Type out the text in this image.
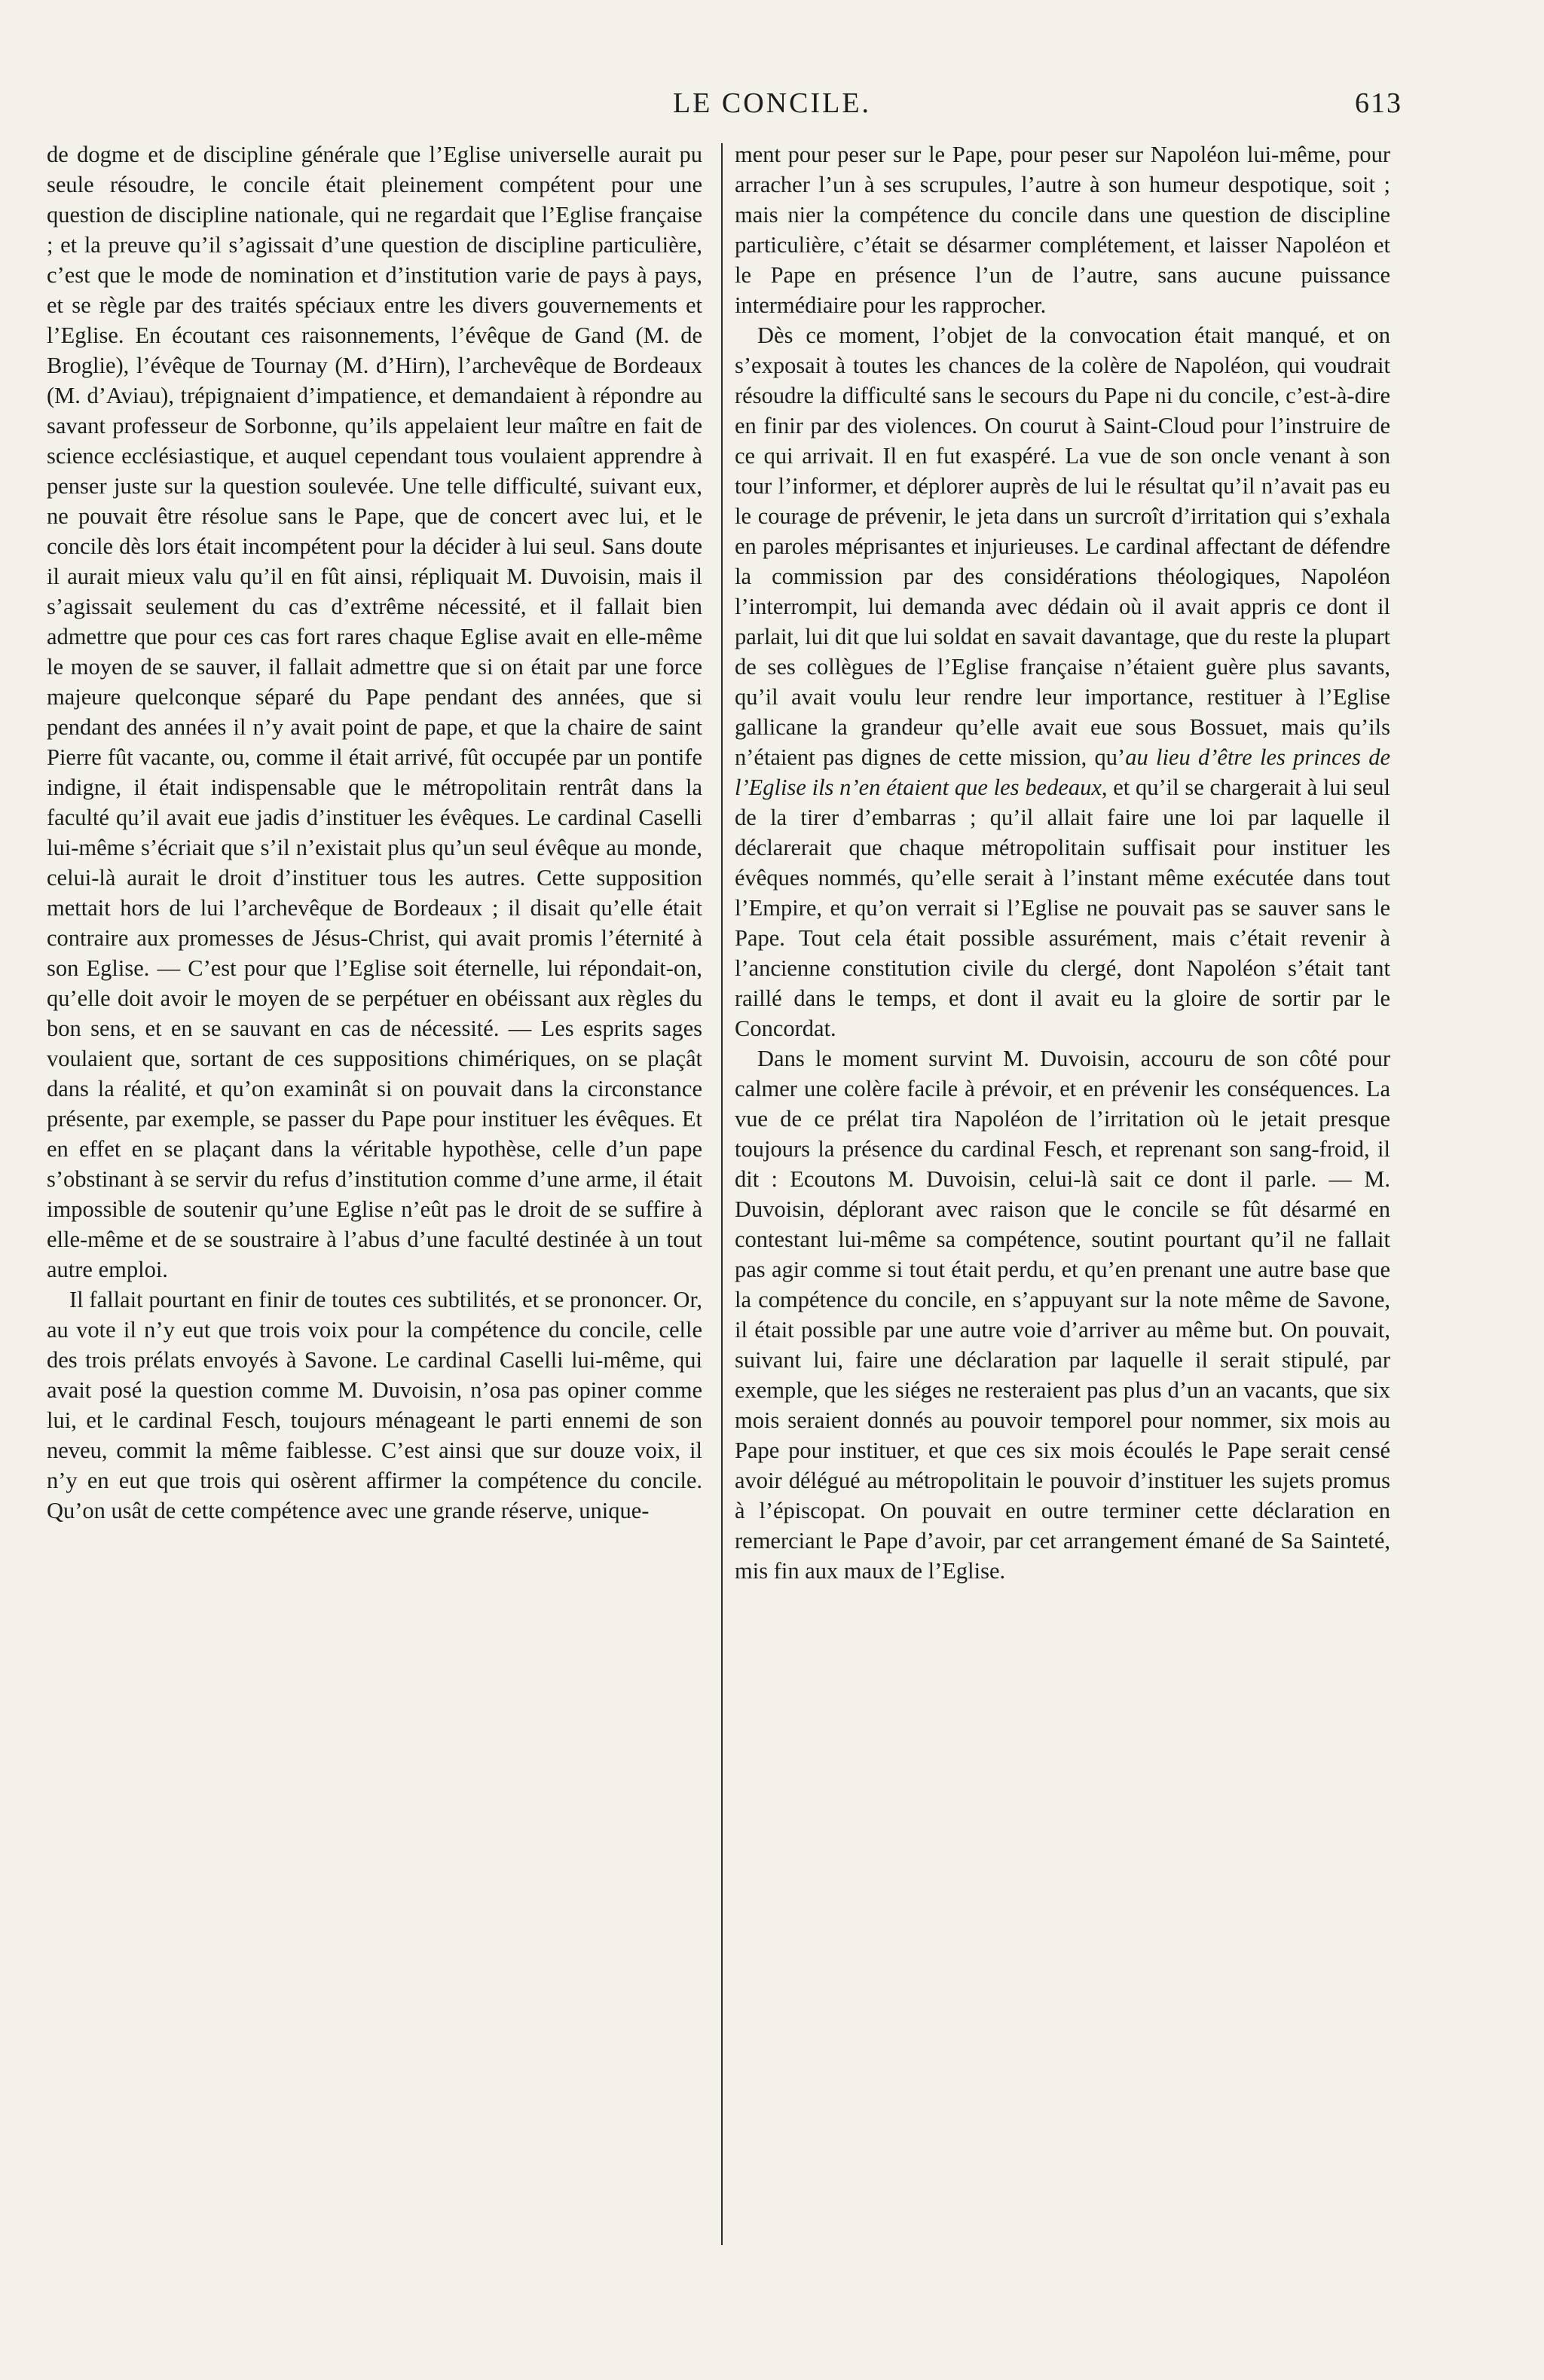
LE CONCILE.	613

de dogme et de discipline générale que l’Eglise universelle aurait pu seule résoudre, le concile était pleinement compétent pour une question de discipline nationale, qui ne regardait que l’Eglise française ; et la preuve qu’il s’agissait d’une question de discipline particulière, c’est que le mode de nomination et d’institution varie de pays à pays, et se règle par des traités spéciaux entre les divers gouvernements et l’Eglise. En écoutant ces raisonnements, l’évêque de Gand (M. de Broglie), l’évêque de Tournay (M. d’Hirn), l’archevêque de Bordeaux (M. d’Aviau), trépignaient d’impatience, et demandaient à répondre au savant professeur de Sorbonne, qu’ils appelaient leur maître en fait de science ecclésiastique, et auquel cependant tous voulaient apprendre à penser juste sur la question soulevée. Une telle difficulté, suivant eux, ne pouvait être résolue sans le Pape, que de concert avec lui, et le concile dès lors était incompétent pour la décider à lui seul. Sans doute il aurait mieux valu qu’il en fût ainsi, répliquait M. Duvoisin, mais il s’agissait seulement du cas d’extrême nécessité, et il fallait bien admettre que pour ces cas fort rares chaque Eglise avait en elle-même le moyen de se sauver, il fallait admettre que si on était par une force majeure quelconque séparé du Pape pendant des années, que si pendant des années il n’y avait point de pape, et que la chaire de saint Pierre fût vacante, ou, comme il était arrivé, fût occupée par un pontife indigne, il était indispensable que le métropolitain rentrât dans la faculté qu’il avait eue jadis d’instituer les évêques. Le cardinal Caselli lui-même s’écriait que s’il n’existait plus qu’un seul évêque au monde, celui-là aurait le droit d’instituer tous les autres. Cette supposition mettait hors de lui l’archevêque de Bordeaux ; il disait qu’elle était contraire aux promesses de Jésus-Christ, qui avait promis l’éternité à son Eglise. — C’est pour que l’Eglise soit éternelle, lui répondait-on, qu’elle doit avoir le moyen de se perpétuer en obéissant aux règles du bon sens, et en se sauvant en cas de nécessité. — Les esprits sages voulaient que, sortant de ces suppositions chimériques, on se plaçât dans la réalité, et qu’on examinât si on pouvait dans la circonstance présente, par exemple, se passer du Pape pour instituer les évêques. Et en effet en se plaçant dans la véritable hypothèse, celle d’un pape s’obstinant à se servir du refus d’institution comme d’une arme, il était impossible de soutenir qu’une Eglise n’eût pas le droit de se suffire à elle-même et de se soustraire à l’abus d’une faculté destinée à un tout autre emploi.

Il fallait pourtant en finir de toutes ces subtilités, et se prononcer. Or, au vote il n’y eut que trois voix pour la compétence du concile, celle des trois prélats envoyés à Savone. Le cardinal Caselli lui-même, qui avait posé la question comme M. Duvoisin, n’osa pas opiner comme lui, et le cardinal Fesch, toujours ménageant le parti ennemi de son neveu, commit la même faiblesse. C’est ainsi que sur douze voix, il n’y en eut que trois qui osèrent affirmer la compétence du concile. Qu’on usât de cette compétence avec une grande réserve, unique-

ment pour peser sur le Pape, pour peser sur Napoléon lui-même, pour arracher l’un à ses scrupules, l’autre à son humeur despotique, soit ; mais nier la compétence du concile dans une question de discipline particulière, c’était se désarmer complétement, et laisser Napoléon et le Pape en présence l’un de l’autre, sans aucune puissance intermédiaire pour les rapprocher.

Dès ce moment, l’objet de la convocation était manqué, et on s’exposait à toutes les chances de la colère de Napoléon, qui voudrait résoudre la difficulté sans le secours du Pape ni du concile, c’est-à-dire en finir par des violences. On courut à Saint-Cloud pour l’instruire de ce qui arrivait. Il en fut exaspéré. La vue de son oncle venant à son tour l’informer, et déplorer auprès de lui le résultat qu’il n’avait pas eu le courage de prévenir, le jeta dans un surcroît d’irritation qui s’exhala en paroles méprisantes et injurieuses. Le cardinal affectant de défendre la commission par des considérations théologiques, Napoléon l’interrompit, lui demanda avec dédain où il avait appris ce dont il parlait, lui dit que lui soldat en savait davantage, que du reste la plupart de ses collègues de l’Eglise française n’étaient guère plus savants, qu’il avait voulu leur rendre leur importance, restituer à l’Eglise gallicane la grandeur qu’elle avait eue sous Bossuet, mais qu’ils n’étaient pas dignes de cette mission, qu’au lieu d’être les princes de l’Eglise ils n’en étaient que les bedeaux, et qu’il se chargerait à lui seul de la tirer d’embarras ; qu’il allait faire une loi par laquelle il déclarerait que chaque métropolitain suffisait pour instituer les évêques nommés, qu’elle serait à l’instant même exécutée dans tout l’Empire, et qu’on verrait si l’Eglise ne pouvait pas se sauver sans le Pape. Tout cela était possible assurément, mais c’était revenir à l’ancienne constitution civile du clergé, dont Napoléon s’était tant raillé dans le temps, et dont il avait eu la gloire de sortir par le Concordat.

Dans le moment survint M. Duvoisin, accouru de son côté pour calmer une colère facile à prévoir, et en prévenir les conséquences. La vue de ce prélat tira Napoléon de l’irritation où le jetait presque toujours la présence du cardinal Fesch, et reprenant son sang-froid, il dit : Ecoutons M. Duvoisin, celui-là sait ce dont il parle. — M. Duvoisin, déplorant avec raison que le concile se fût désarmé en contestant lui-même sa compétence, soutint pourtant qu’il ne fallait pas agir comme si tout était perdu, et qu’en prenant une autre base que la compétence du concile, en s’appuyant sur la note même de Savone, il était possible par une autre voie d’arriver au même but. On pouvait, suivant lui, faire une déclaration par laquelle il serait stipulé, par exemple, que les siéges ne resteraient pas plus d’un an vacants, que six mois seraient donnés au pouvoir temporel pour nommer, six mois au Pape pour instituer, et que ces six mois écoulés le Pape serait censé avoir délégué au métropolitain le pouvoir d’instituer les sujets promus à l’épiscopat. On pouvait en outre terminer cette déclaration en remerciant le Pape d’avoir, par cet arrangement émané de Sa Sainteté, mis fin aux maux de l’Eglise.
